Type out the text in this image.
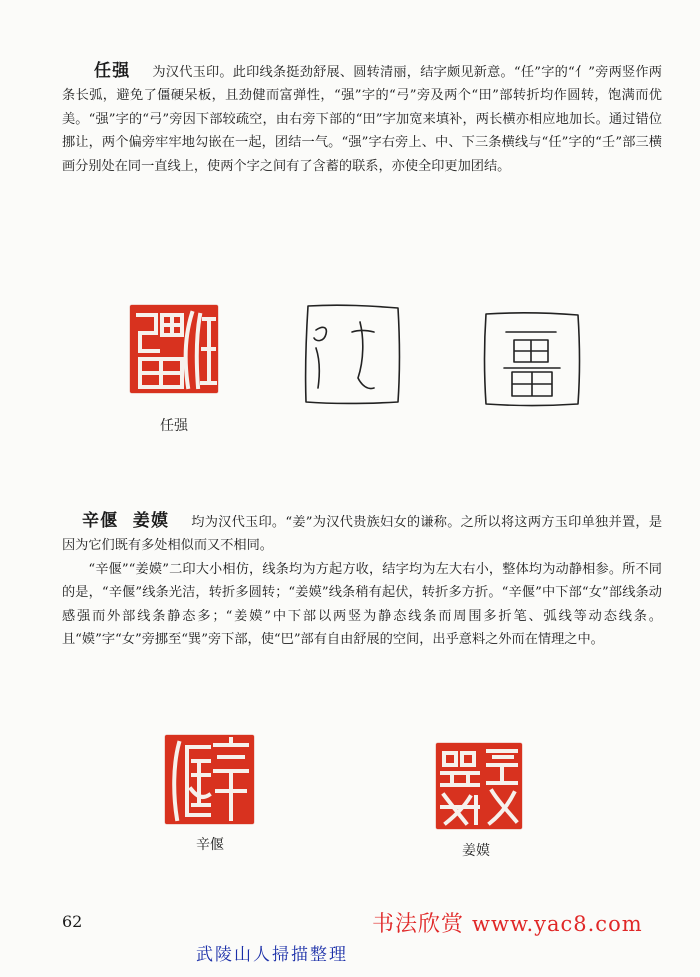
任强 为汉代玉印。此印线条挺劲舒展、圆转清丽，结字颇见新意。“任”字的“亻”旁两竖作两条长弧，避免了僵硬呆板，且劲健而富弹性，“强”字的“弓”旁及两个“田”部转折均作圆转，饱满而优美。“强”字的“弓”旁因下部较疏空，由右旁下部的“田”字加宽来填补，两长横亦相应地加长。通过错位挪让，两个偏旁牢牢地勾嵌在一起，团结一气。“强”字右旁上、中、下三条横线与“任”字的“壬”部三横画分别处在同一直线上，使两个字之间有了含蓄的联系，亦使全印更加团结。

任强

辛偃 姜嫫 均为汉代玉印。“姜”为汉代贵族妇女的谦称。之所以将这两方玉印单独并置，是因为它们既有多处相似而又不相同。

“辛偃”“姜嫫”二印大小相仿，线条均为方起方收，结字均为左大右小，整体均为动静相参。所不同的是，“辛偃”线条光洁，转折多圆转；“姜嫫”线条稍有起伏，转折多方折。“辛偃”中下部“女”部线条动感强而外部线条静态多；“姜嫫”中下部以两竖为静态线条而周围多折笔、弧线等动态线条。且“嫫”字“女”旁挪至“巽”旁下部，使“巴”部有自由舒展的空间，出乎意料之外而在情理之中。

辛偃	姜嫫
62	书法欣赏 www.yac8.com
武陵山人掃描整理
